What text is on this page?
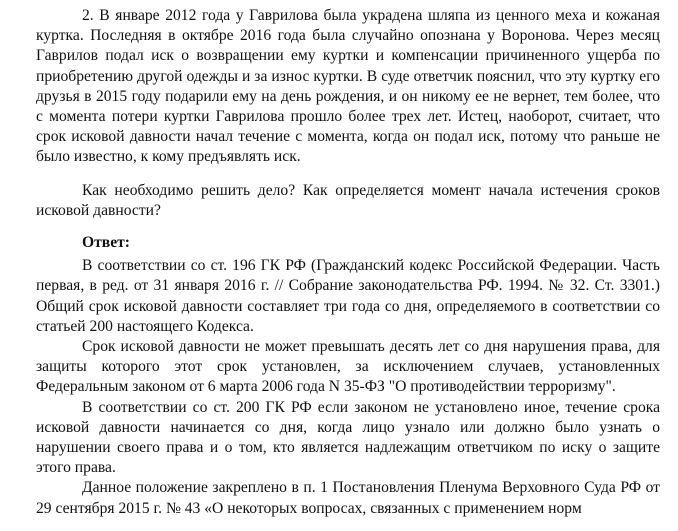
2. В январе 2012 года у Гаврилова была украдена шляпа из ценного меха и кожаная куртка. Последняя в октябре 2016 года была случайно опознана у Воронова. Через месяц Гаврилов подал иск о возвращении ему куртки и компенсации причиненного ущерба по приобретению другой одежды и за износ куртки. В суде ответчик пояснил, что эту куртку его друзья в 2015 году подарили ему на день рождения, и он никому ее не вернет, тем более, что с момента потери куртки Гаврилова прошло более трех лет. Истец, наоборот, считает, что срок исковой давности начал течение с момента, когда он подал иск, потому что раньше не было известно, к кому предъявлять иск.

Как необходимо решить дело? Как определяется момент начала истечения сроков исковой давности?

Ответ:

В соответствии со ст. 196 ГК РФ (Гражданский кодекс Российской Федерации. Часть первая, в ред. от 31 января 2016 г. // Собрание законодательства РФ. 1994. № 32. Ст. 3301.) Общий срок исковой давности составляет три года со дня, определяемого в соответствии со статьей 200 настоящего Кодекса.

Срок исковой давности не может превышать десять лет со дня нарушения права, для защиты которого этот срок установлен, за исключением случаев, установленных Федеральным законом от 6 марта 2006 года N 35-ФЗ "О противодействии терроризму".

В соответствии со ст. 200 ГК РФ если законом не установлено иное, течение срока исковой давности начинается со дня, когда лицо узнало или должно было узнать о нарушении своего права и о том, кто является надлежащим ответчиком по иску о защите этого права.

Данное положение закреплено в п. 1 Постановления Пленума Верховного Суда РФ от 29 сентября 2015 г. № 43 «О некоторых вопросах, связанных с применением норм
